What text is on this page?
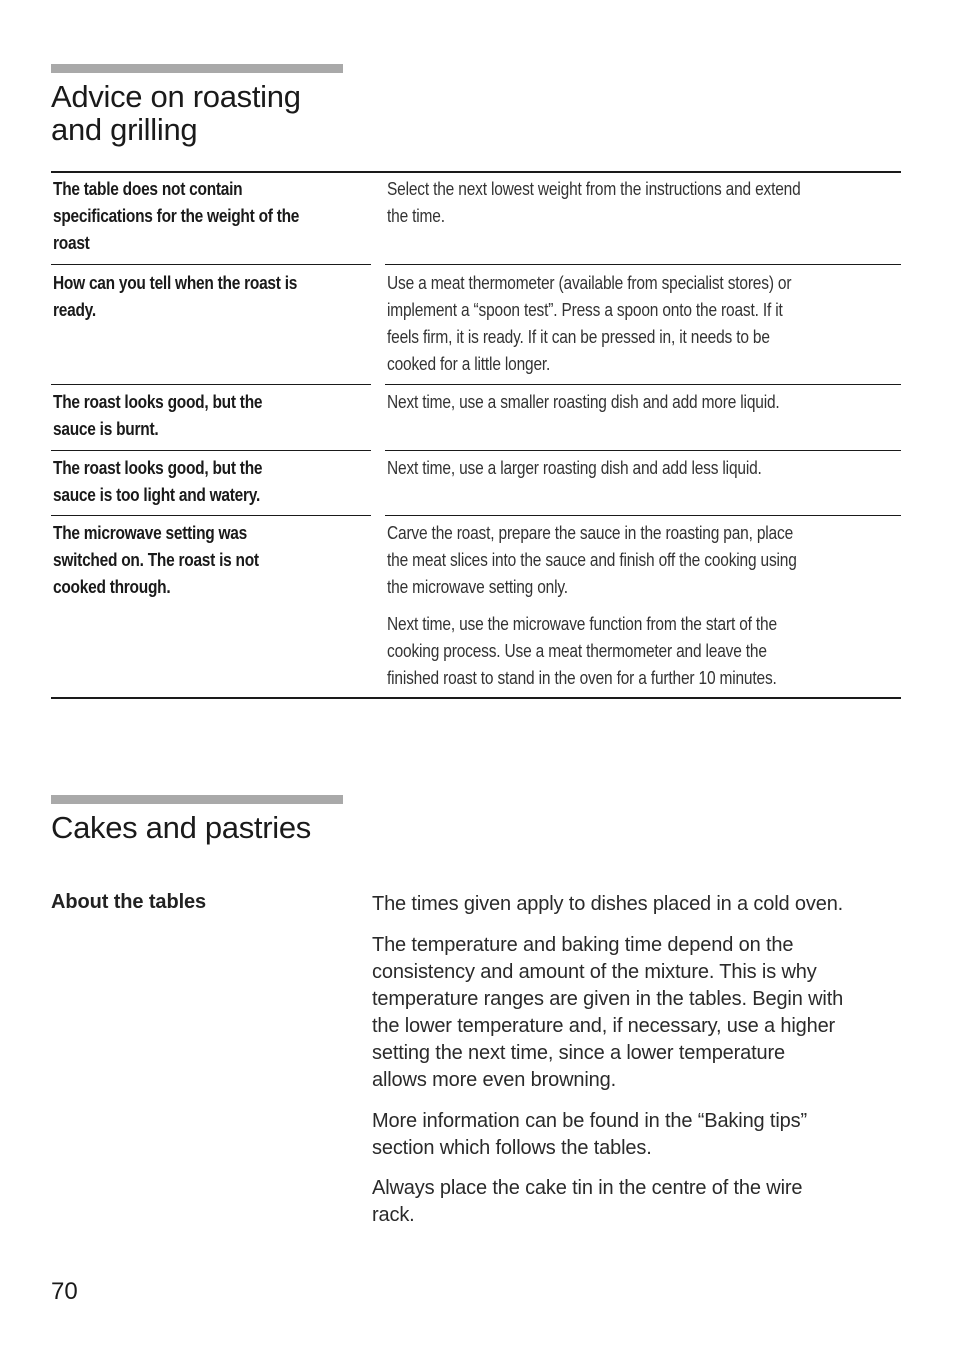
Advice on roasting
and grilling
The table does not contain
specifications for the weight of the
roast
Select the next lowest weight from the instructions and extend
the time.
How can you tell when the roast is
ready.
Use a meat thermometer (available from specialist stores) or
implement a “spoon test”. Press a spoon onto the roast. If it
feels firm, it is ready. If it can be pressed in, it needs to be
cooked for a little longer.
The roast looks good, but the
sauce is burnt.
Next time, use a smaller roasting dish and add more liquid.
The roast looks good, but the
sauce is too light and watery.
Next time, use a larger roasting dish and add less liquid.
The microwave setting was
switched on. The roast is not
cooked through.
Carve the roast, prepare the sauce in the roasting pan, place
the meat slices into the sauce and finish off the cooking using
the microwave setting only.
Next time, use the microwave function from the start of the
cooking process. Use a meat thermometer and leave the
finished roast to stand in the oven for a further 10 minutes.
Cakes and pastries
About the tables	The times given apply to dishes placed in a cold oven.

The temperature and baking time depend on the
consistency and amount of the mixture. This is why
temperature ranges are given in the tables. Begin with
the lower temperature and, if necessary, use a higher
setting the next time, since a lower temperature
allows more even browning.

More information can be found in the “Baking tips”
section which follows the tables.

Always place the cake tin in the centre of the wire
rack.

70
